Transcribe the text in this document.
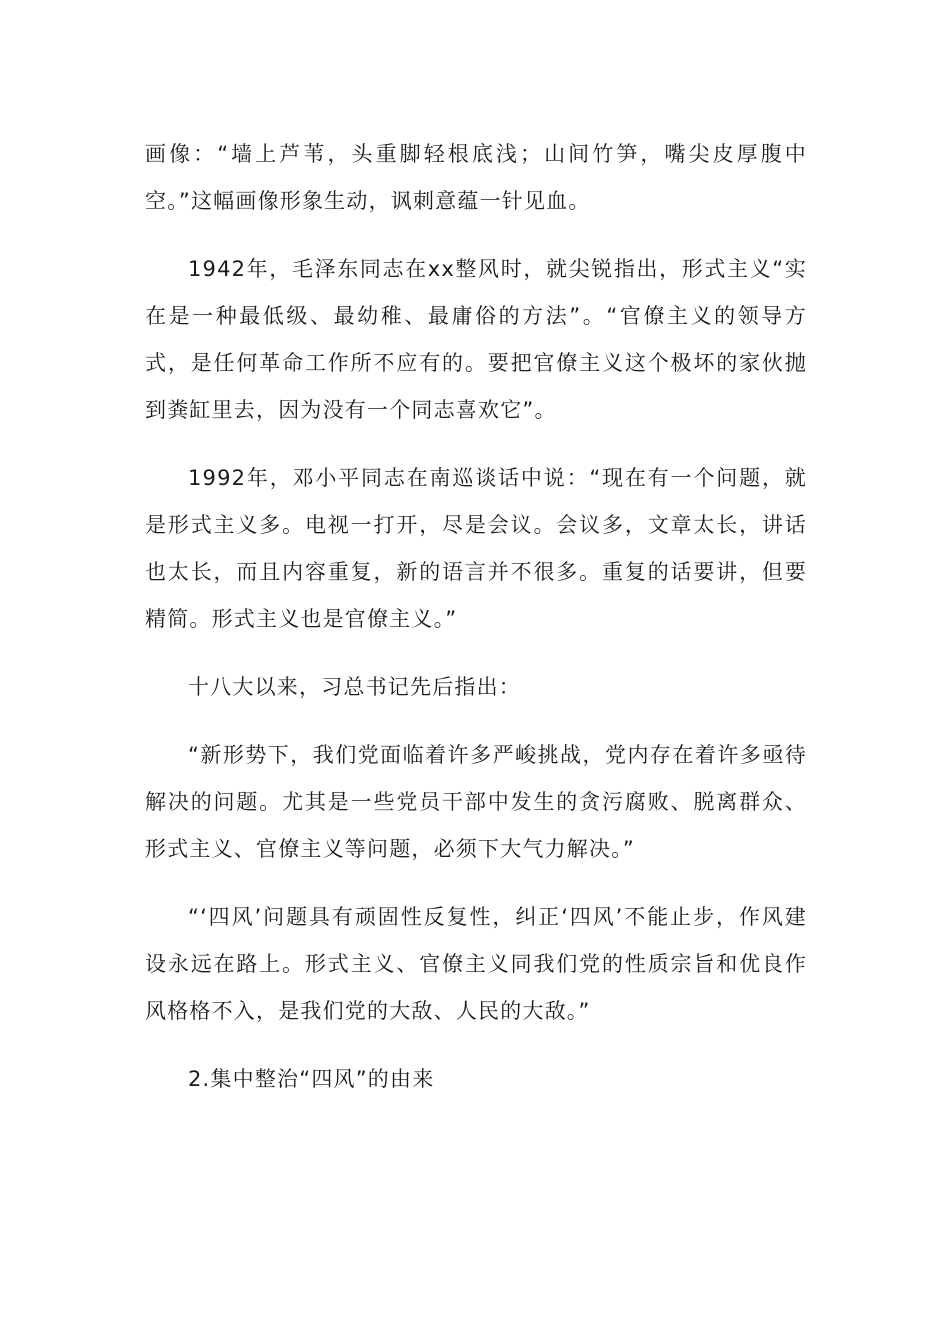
画像：“墙上芦苇，头重脚轻根底浅；山间竹笋，嘴尖皮厚腹中空。”这幅画像形象生动，讽刺意蕴一针见血。

1942年，毛泽东同志在xx整风时，就尖锐指出，形式主义“实在是一种最低级、最幼稚、最庸俗的方法”。“官僚主义的领导方式，是任何革命工作所不应有的。要把官僚主义这个极坏的家伙抛到粪缸里去，因为没有一个同志喜欢它”。

1992年，邓小平同志在南巡谈话中说：“现在有一个问题，就是形式主义多。电视一打开，尽是会议。会议多，文章太长，讲话也太长，而且内容重复，新的语言并不很多。重复的话要讲，但要精简。形式主义也是官僚主义。”

十八大以来，习总书记先后指出：

“新形势下，我们党面临着许多严峻挑战，党内存在着许多亟待解决的问题。尤其是一些党员干部中发生的贪污腐败、脱离群众、形式主义、官僚主义等问题，必须下大气力解决。”

“‘四风’问题具有顽固性反复性，纠正‘四风’不能止步，作风建设永远在路上。形式主义、官僚主义同我们党的性质宗旨和优良作风格格不入，是我们党的大敌、人民的大敌。”

2.集中整治“四风”的由来
